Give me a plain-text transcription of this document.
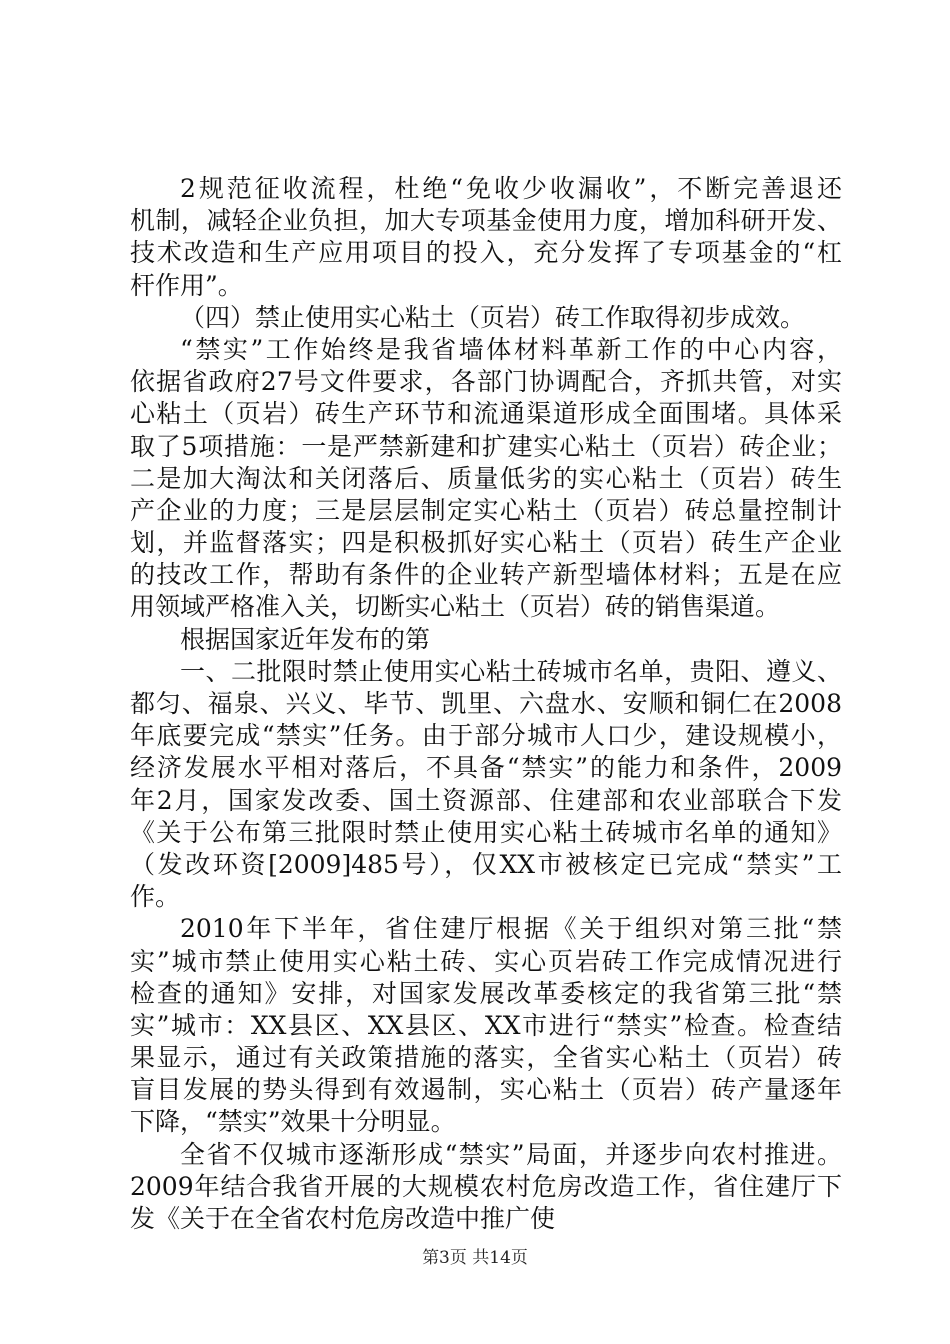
2规范征收流程，杜绝“免收少收漏收”，不断完善退还
机制，减轻企业负担，加大专项基金使用力度，增加科研开发、
技术改造和生产应用项目的投入，充分发挥了专项基金的“杠
杆作用”。
（四）禁止使用实心粘土（页岩）砖工作取得初步成效。
“禁实”工作始终是我省墙体材料革新工作的中心内容，
依据省政府27号文件要求，各部门协调配合，齐抓共管，对实
心粘土（页岩）砖生产环节和流通渠道形成全面围堵。具体采
取了5项措施：一是严禁新建和扩建实心粘土（页岩）砖企业；
二是加大淘汰和关闭落后、质量低劣的实心粘土（页岩）砖生
产企业的力度；三是层层制定实心粘土（页岩）砖总量控制计
划，并监督落实；四是积极抓好实心粘土（页岩）砖生产企业
的技改工作，帮助有条件的企业转产新型墙体材料；五是在应
用领域严格准入关，切断实心粘土（页岩）砖的销售渠道。
根据国家近年发布的第
一、二批限时禁止使用实心粘土砖城市名单，贵阳、遵义、
都匀、福泉、兴义、毕节、凯里、六盘水、安顺和铜仁在2008
年底要完成“禁实”任务。由于部分城市人口少，建设规模小，
经济发展水平相对落后，不具备“禁实”的能力和条件，2009
年2月，国家发改委、国土资源部、住建部和农业部联合下发
《关于公布第三批限时禁止使用实心粘土砖城市名单的通知》
（发改环资[2009]485号），仅XX市被核定已完成“禁实”工
作。
2010年下半年，省住建厅根据《关于组织对第三批“禁
实”城市禁止使用实心粘土砖、实心页岩砖工作完成情况进行
检查的通知》安排，对国家发展改革委核定的我省第三批“禁
实”城市：XX县区、XX县区、XX市进行“禁实”检查。检查结
果显示，通过有关政策措施的落实，全省实心粘土（页岩）砖
盲目发展的势头得到有效遏制，实心粘土（页岩）砖产量逐年
下降，“禁实”效果十分明显。
全省不仅城市逐渐形成“禁实”局面，并逐步向农村推进。
2009年结合我省开展的大规模农村危房改造工作，省住建厅下
发《关于在全省农村危房改造中推广使
第3页 共14页
